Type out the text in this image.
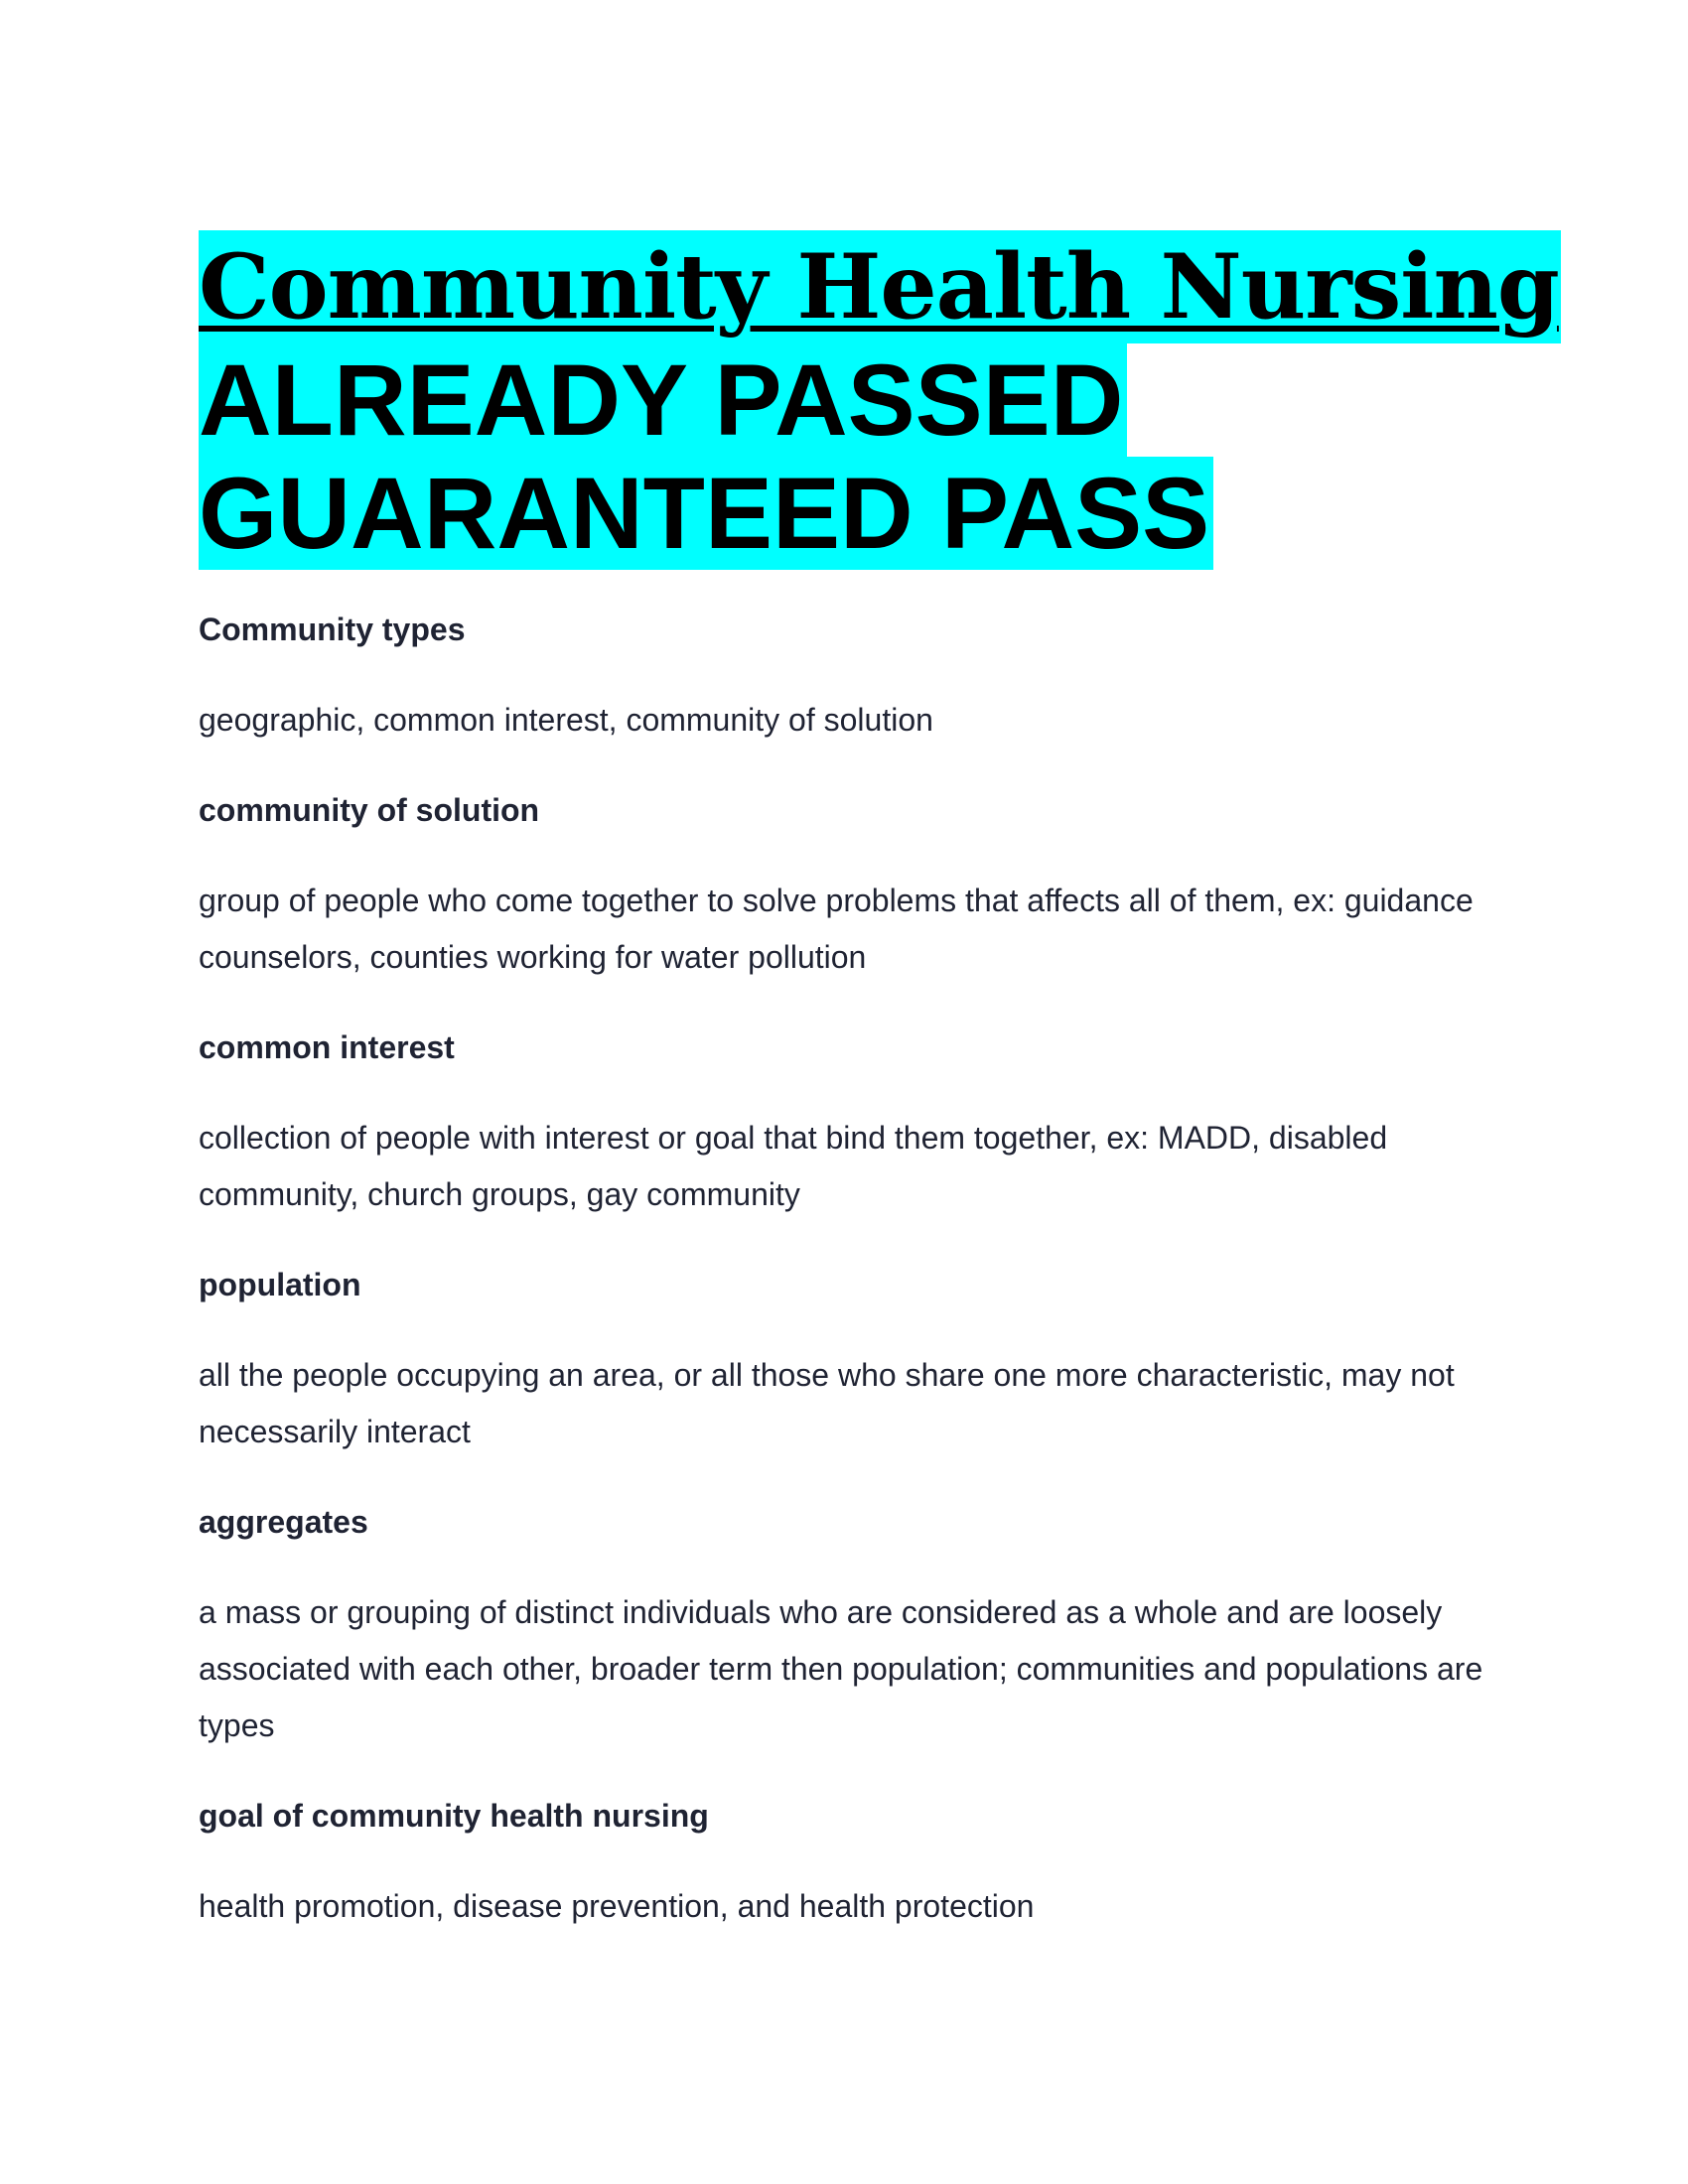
Community Health Nursing

ALREADY PASSED

GUARANTEED PASS

Community types

geographic, common interest, community of solution

community of solution

group of people who come together to solve problems that affects all of them, ex: guidance counselors, counties working for water pollution

common interest

collection of people with interest or goal that bind them together, ex: MADD, disabled community, church groups, gay community

population

all the people occupying an area, or all those who share one more characteristic, may not necessarily interact

aggregates

a mass or grouping of distinct individuals who are considered as a whole and are loosely associated with each other, broader term then population; communities and populations are types

goal of community health nursing

health promotion, disease prevention, and health protection
